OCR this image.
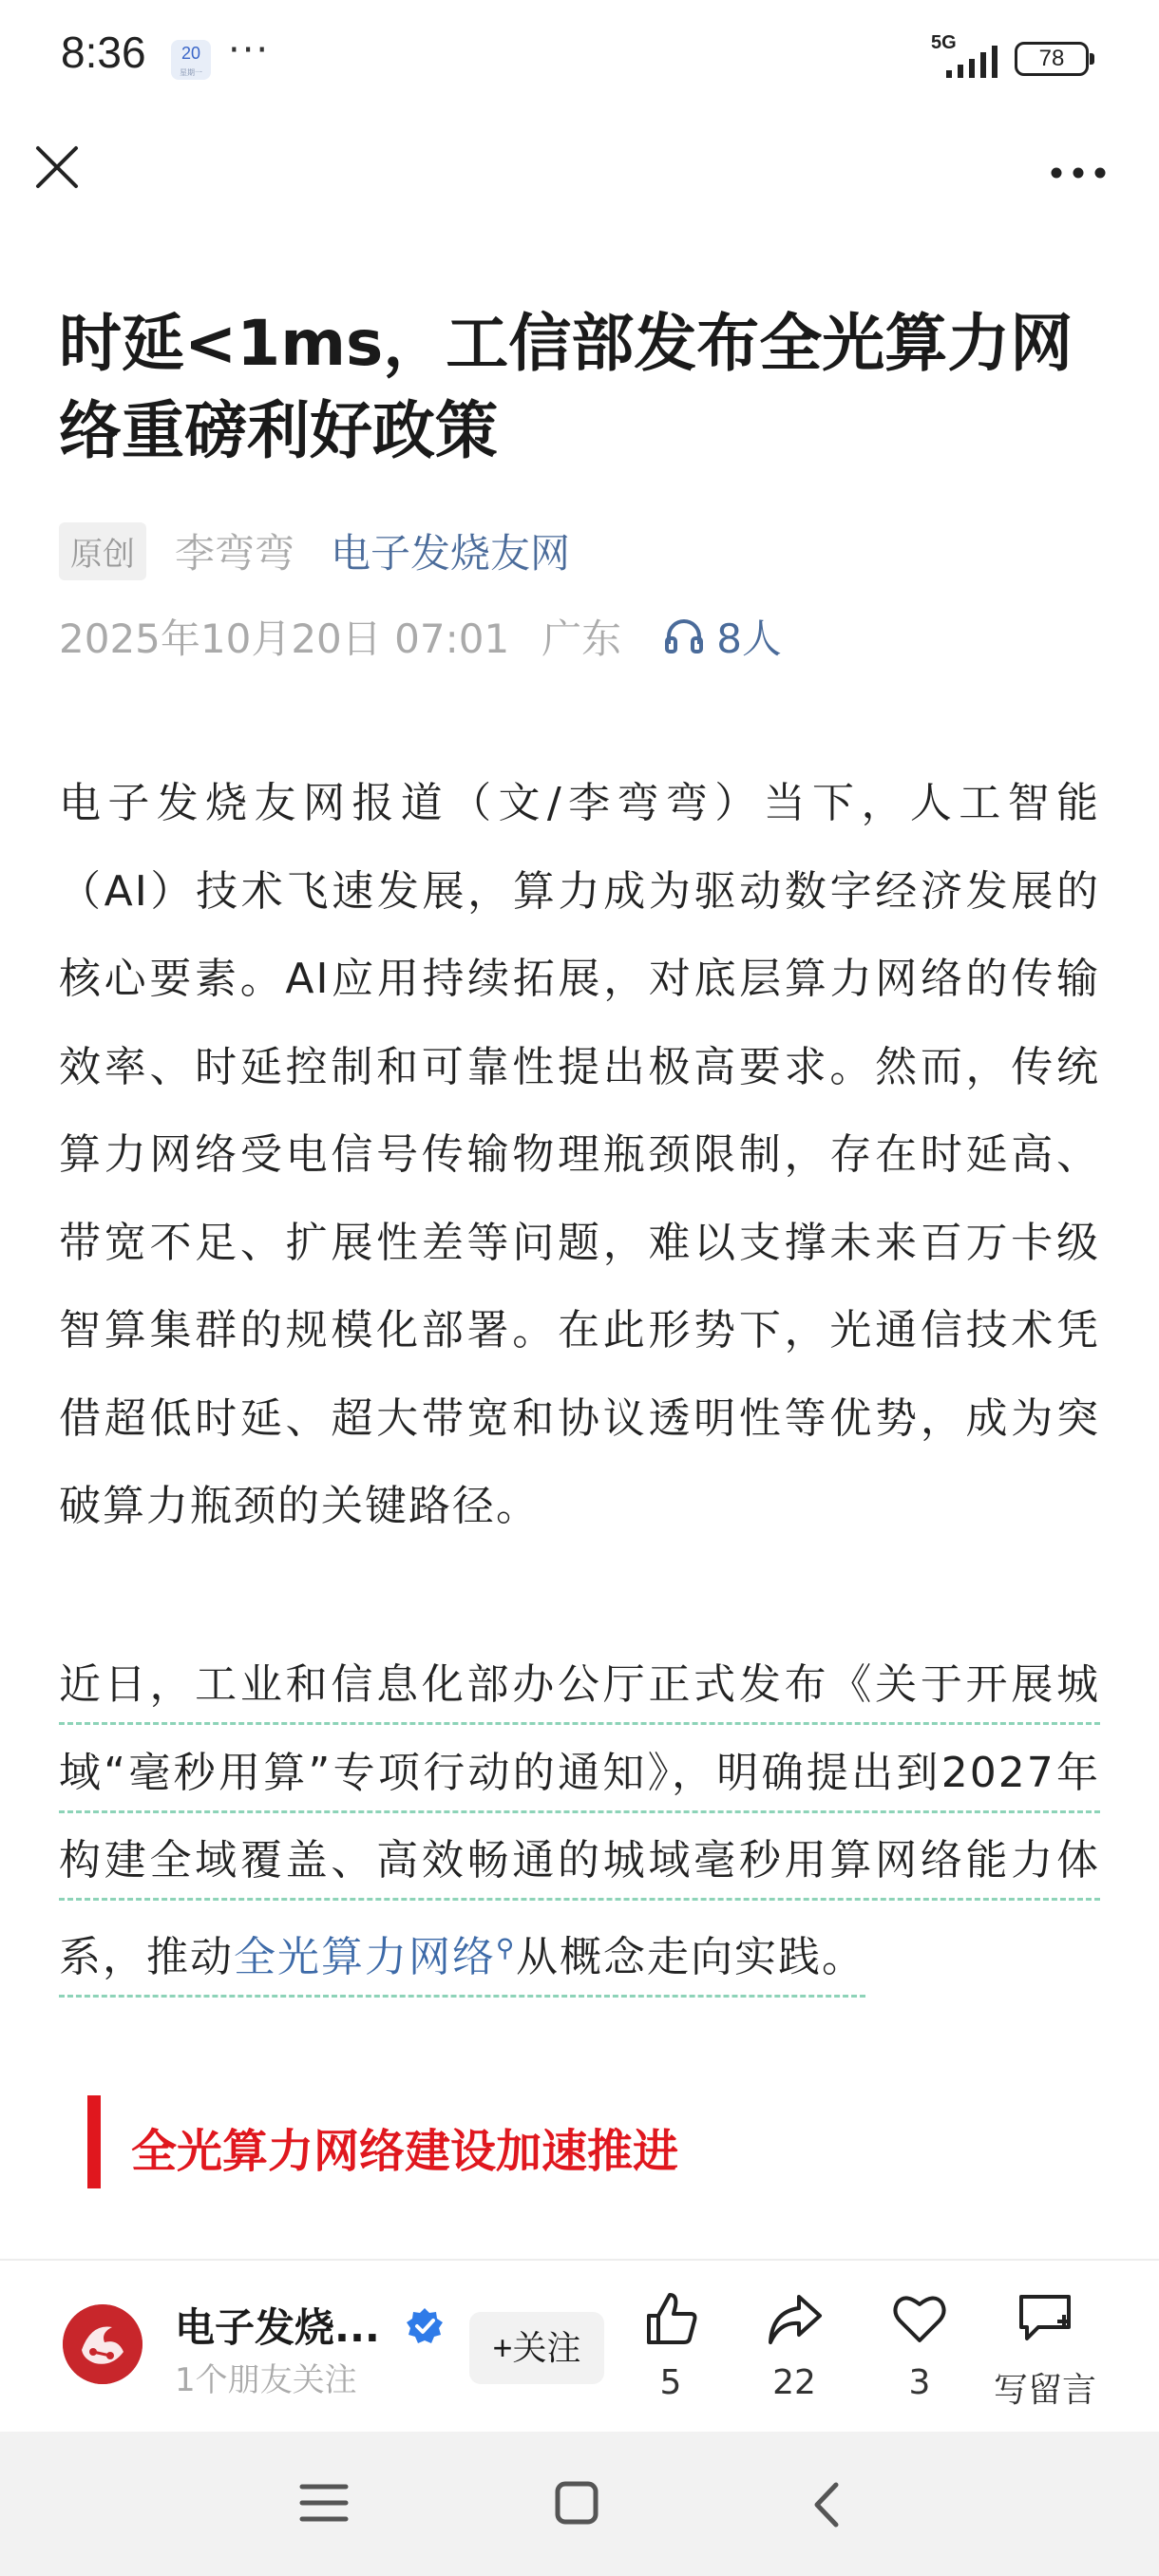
8:36	20
星期一
···	5G
78
时延<1ms，工信部发布全光算力网络重磅利好政策
原创 李弯弯 电子发烧友网
2025年10月20日 07:01 广东 8人

电子发烧友网报道（文/李弯弯）当下，人工智能（AI）技术飞速发展，算力成为驱动数字经济发展的核心要素。AI应用持续拓展，对底层算力网络的传输效率、时延控制和可靠性提出极高要求。然而，传统算力网络受电信号传输物理瓶颈限制，存在时延高、带宽不足、扩展性差等问题，难以支撑未来百万卡级智算集群的规模化部署。在此形势下，光通信技术凭借超低时延、超大带宽和协议透明性等优势，成为突破算力瓶颈的关键路径。

近日，工业和信息化部办公厅正式发布《关于开展城域“毫秒用算”专项行动的通知》，明确提出到2027年构建全域覆盖、高效畅通的城域毫秒用算网络能力体系，推动全光算力网络⚲从概念走向实践。

全光算力网络建设加速推进
电子发烧...
1个朋友关注
+关注
5	22	3	写留言
